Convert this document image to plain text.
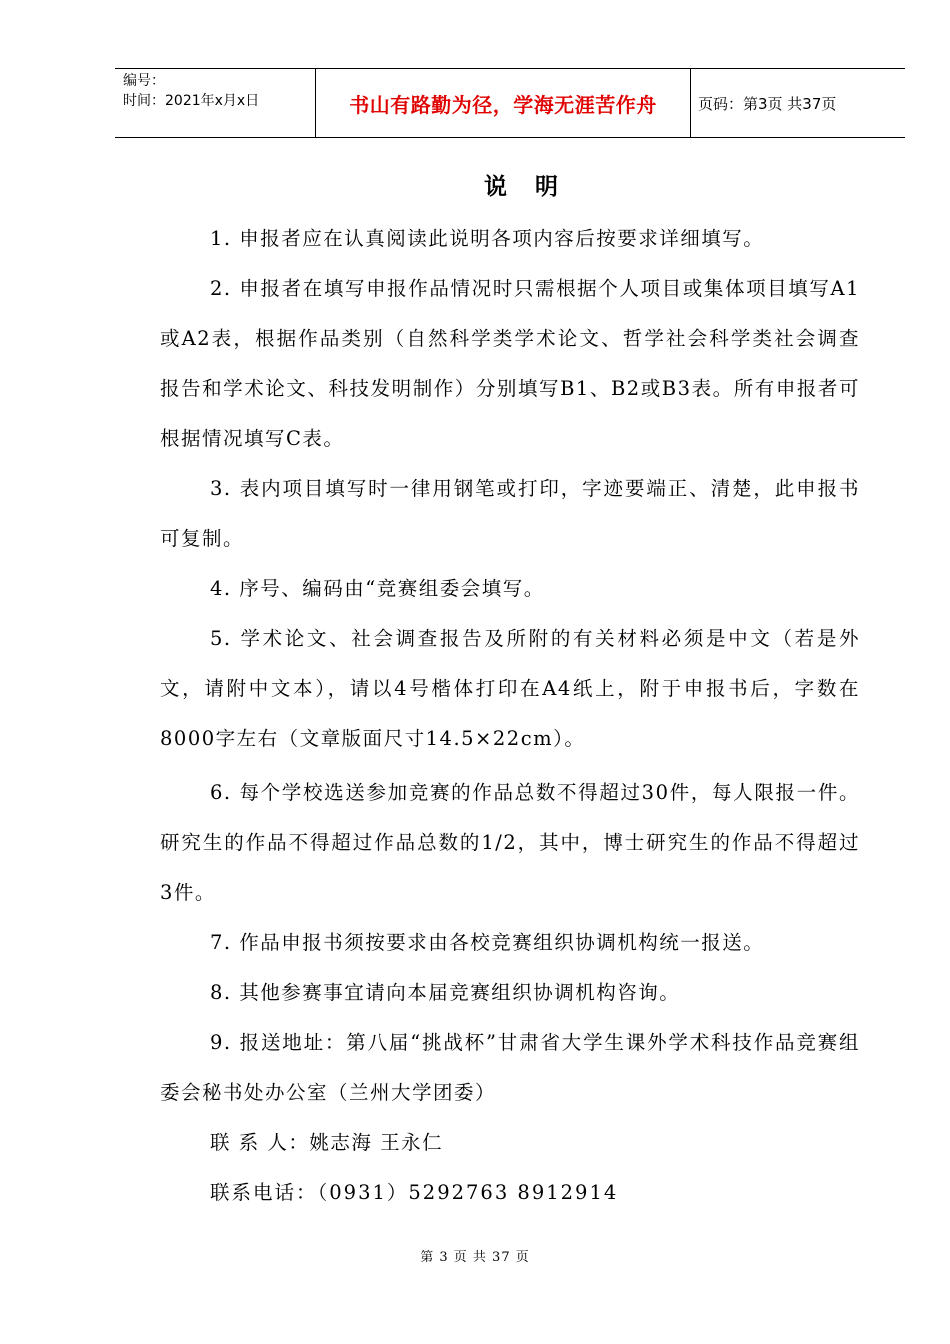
编号：
时间：2021年x月x日	书山有路勤为径，学海无涯苦作舟	页码：第3页 共37页
说明

1. 申报者应在认真阅读此说明各项内容后按要求详细填写。

2. 申报者在填写申报作品情况时只需根据个人项目或集体项目填写A1或A2表，根据作品类别（自然科学类学术论文、哲学社会科学类社会调查报告和学术论文、科技发明制作）分别填写B1、B2或B3表。所有申报者可根据情况填写C表。

3. 表内项目填写时一律用钢笔或打印，字迹要端正、清楚，此申报书可复制。

4. 序号、编码由“竞赛组委会填写。

5. 学术论文、社会调查报告及所附的有关材料必须是中文（若是外文，请附中文本），请以4号楷体打印在A4纸上，附于申报书后，字数在8000字左右（文章版面尺寸14.5×22cm）。

6. 每个学校选送参加竞赛的作品总数不得超过30件，每人限报一件。研究生的作品不得超过作品总数的1/2，其中，博士研究生的作品不得超过3件。

7. 作品申报书须按要求由各校竞赛组织协调机构统一报送。

8. 其他参赛事宜请向本届竞赛组织协调机构咨询。

9. 报送地址：第八届“挑战杯”甘肃省大学生课外学术科技作品竞赛组委会秘书处办公室（兰州大学团委）

联 系 人：姚志海 王永仁

联系电话：（0931）5292763 8912914

第 3 页 共 37 页
